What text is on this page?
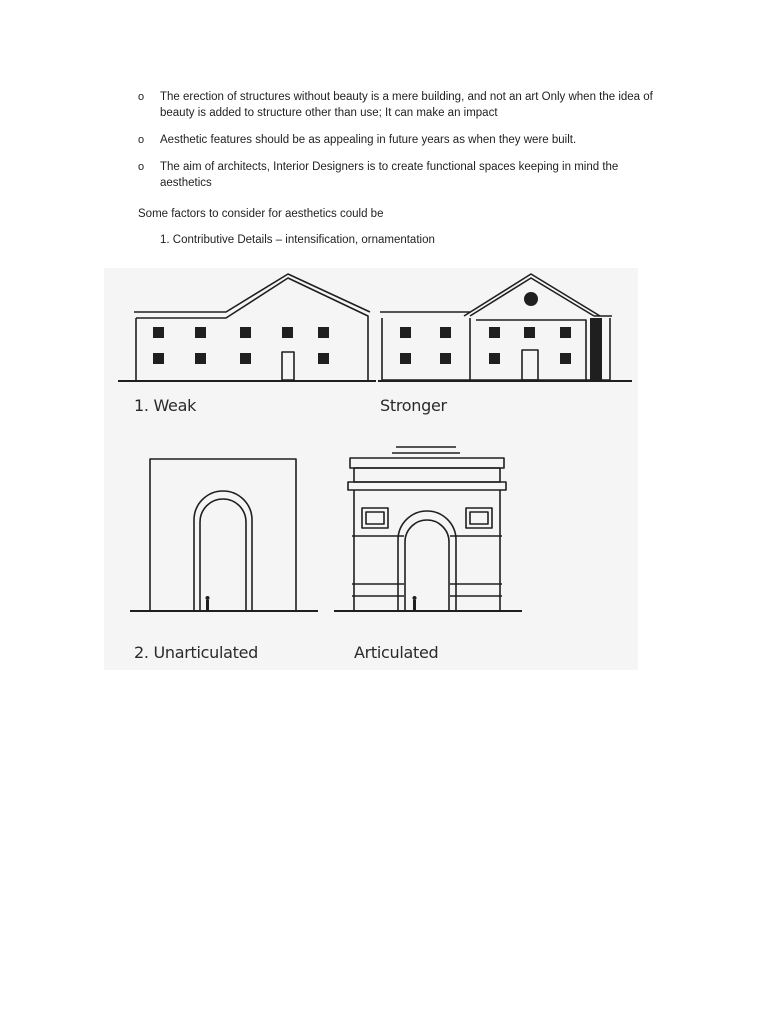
o The erection of structures without beauty is a mere building, and not an art Only when the idea of beauty is added to structure other than use; It can make an impact
o Aesthetic features should be as appealing in future years as when they were built.
o The aim of architects, Interior Designers is to create functional spaces keeping in mind the aesthetics
Some factors to consider for aesthetics could be
1. Contributive Details – intensification, ornamentation
1. Weak	Stronger
2. Unarticulated	Articulated
